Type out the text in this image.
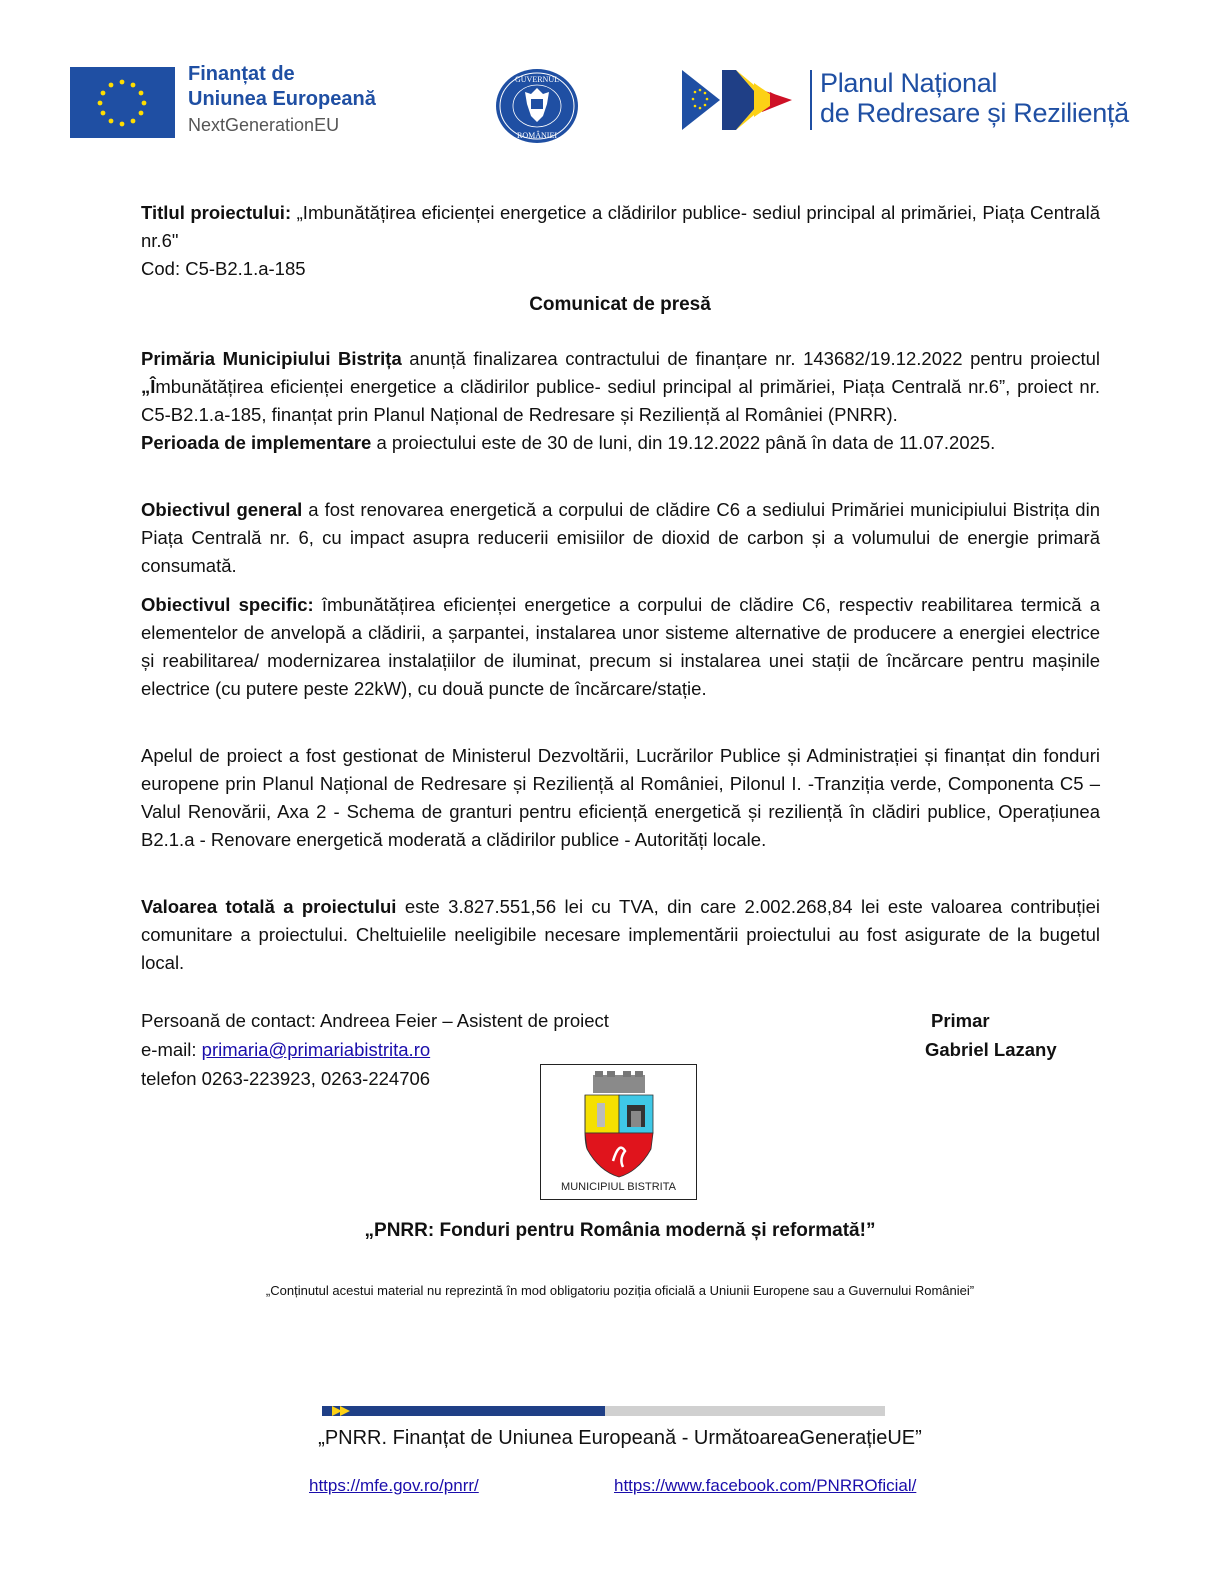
Finanțat de
Uniunea Europeană
NextGenerationEU
GUVERNUL
ROMÂNIEI
Planul Național
de Redresare și Reziliență
Titlul proiectului: „Imbunătățirea eficienței energetice a clădirilor publice- sediul principal al primăriei, Piața Centrală nr.6"
Cod: C5-B2.1.a-185
Comunicat de presă
Primăria Municipiului Bistrița anunță finalizarea contractului de finanțare nr. 143682/19.12.2022 pentru proiectul „Îmbunătățirea eficienței energetice a clădirilor publice- sediul principal al primăriei, Piața Centrală nr.6”, proiect nr. C5-B2.1.a-185, finanțat prin Planul Național de Redresare și Reziliență al României (PNRR).
Perioada de implementare a proiectului este de 30 de luni, din 19.12.2022 până în data de 11.07.2025.
Obiectivul general a fost renovarea energetică a corpului de clădire C6 a sediului Primăriei municipiului Bistrița din Piața Centrală nr. 6, cu impact asupra reducerii emisiilor de dioxid de carbon și a volumului de energie primară consumată.
Obiectivul specific: îmbunătățirea eficienței energetice a corpului de clădire C6, respectiv reabilitarea termică a elementelor de anvelopă a clădirii, a șarpantei, instalarea unor sisteme alternative de producere a energiei electrice și reabilitarea/ modernizarea instalațiilor de iluminat, precum si instalarea unei stații de încărcare pentru mașinile electrice (cu putere peste 22kW), cu două puncte de încărcare/stație.
Apelul de proiect a fost gestionat de Ministerul Dezvoltării, Lucrărilor Publice și Administrației și finanțat din fonduri europene prin Planul Național de Redresare și Reziliență al României, Pilonul I. -Tranziția verde, Componenta C5 – Valul Renovării, Axa 2 - Schema de granturi pentru eficiență energetică și reziliență în clădiri publice, Operațiunea B2.1.a - Renovare energetică moderată a clădirilor publice - Autorități locale.
Valoarea totală a proiectului este 3.827.551,56 lei cu TVA, din care 2.002.268,84 lei este valoarea contribuției comunitare a proiectului. Cheltuielile neeligibile necesare implementării proiectului au fost asigurate de la bugetul local.
Persoană de contact: Andreea Feier – Asistent de proiect
e-mail: primaria@primariabistrita.ro
telefon 0263-223923, 0263-224706
Primar
Gabriel Lazany
MUNICIPIUL BISTRITA
„PNRR: Fonduri pentru România modernă și reformată!”
„Conținutul acestui material nu reprezintă în mod obligatoriu poziția oficială a Uniunii Europene sau a Guvernului României”
„PNRR. Finanțat de Uniunea Europeană - UrmătoareaGenerațieUE”
https://mfe.gov.ro/pnrr/	https://www.facebook.com/PNRROficial/
